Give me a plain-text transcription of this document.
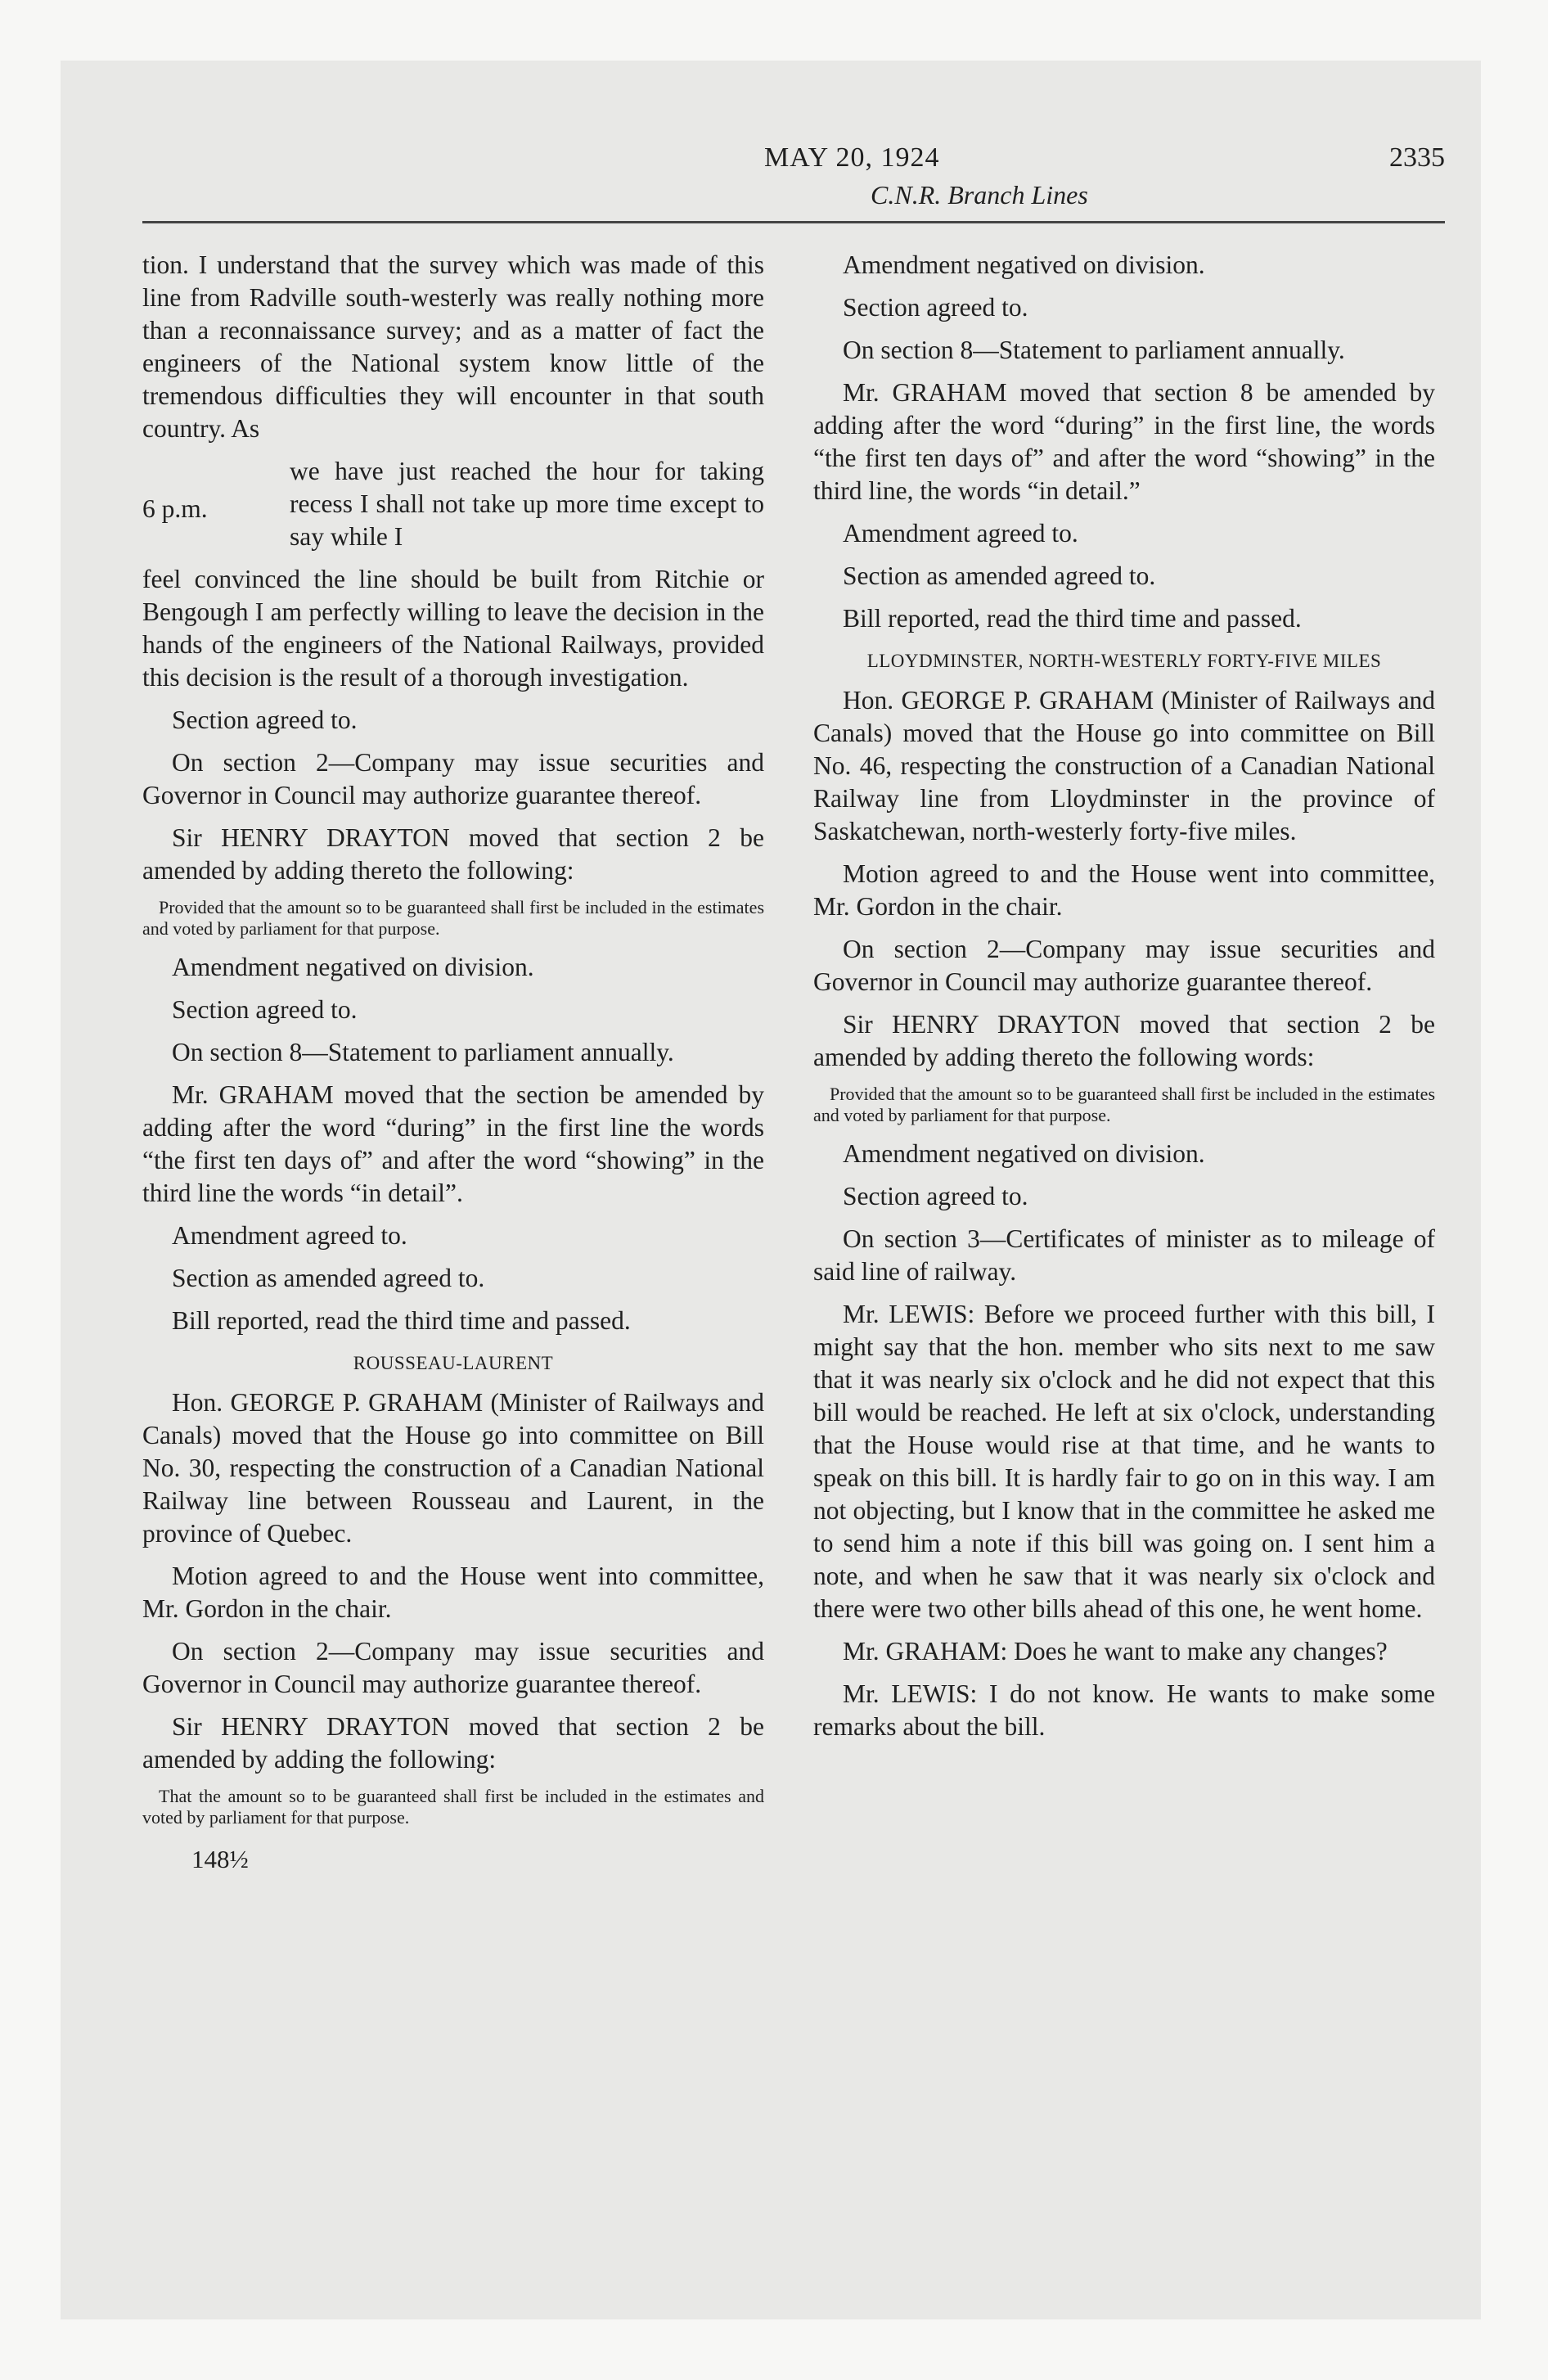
MAY 20, 1924	2335
C.N.R. Branch Lines

tion. I understand that the survey which was made of this line from Radville south-westerly was really nothing more than a reconnaissance survey; and as a matter of fact the engineers of the National system know little of the tremendous difficulties they will encounter in that south country. As

6 p.m.

we have just reached the hour for taking recess I shall not take up more time except to say while I

feel convinced the line should be built from Ritchie or Bengough I am perfectly willing to leave the decision in the hands of the engineers of the National Railways, provided this decision is the result of a thorough investigation.

Section agreed to.

On section 2—Company may issue securities and Governor in Council may authorize guarantee thereof.

Sir HENRY DRAYTON moved that section 2 be amended by adding thereto the following:

Provided that the amount so to be guaranteed shall first be included in the estimates and voted by parliament for that purpose.

Amendment negatived on division.

Section agreed to.

On section 8—Statement to parliament annually.

Mr. GRAHAM moved that the section be amended by adding after the word “during” in the first line the words “the first ten days of” and after the word “showing” in the third line the words “in detail”.

Amendment agreed to.

Section as amended agreed to.

Bill reported, read the third time and passed.

ROUSSEAU-LAURENT

Hon. GEORGE P. GRAHAM (Minister of Railways and Canals) moved that the House go into committee on Bill No. 30, respecting the construction of a Canadian National Railway line between Rousseau and Laurent, in the province of Quebec.

Motion agreed to and the House went into committee, Mr. Gordon in the chair.

On section 2—Company may issue securities and Governor in Council may authorize guarantee thereof.

Sir HENRY DRAYTON moved that section 2 be amended by adding the following:

That the amount so to be guaranteed shall first be included in the estimates and voted by parliament for that purpose.

148½

Amendment negatived on division.

Section agreed to.

On section 8—Statement to parliament annually.

Mr. GRAHAM moved that section 8 be amended by adding after the word “during” in the first line, the words “the first ten days of” and after the word “showing” in the third line, the words “in detail.”

Amendment agreed to.

Section as amended agreed to.

Bill reported, read the third time and passed.

LLOYDMINSTER, NORTH-WESTERLY FORTY-FIVE MILES

Hon. GEORGE P. GRAHAM (Minister of Railways and Canals) moved that the House go into committee on Bill No. 46, respecting the construction of a Canadian National Railway line from Lloydminster in the province of Saskatchewan, north-westerly forty-five miles.

Motion agreed to and the House went into committee, Mr. Gordon in the chair.

On section 2—Company may issue securities and Governor in Council may authorize guarantee thereof.

Sir HENRY DRAYTON moved that section 2 be amended by adding thereto the following words:

Provided that the amount so to be guaranteed shall first be included in the estimates and voted by parliament for that purpose.

Amendment negatived on division.

Section agreed to.

On section 3—Certificates of minister as to mileage of said line of railway.

Mr. LEWIS: Before we proceed further with this bill, I might say that the hon. member who sits next to me saw that it was nearly six o'clock and he did not expect that this bill would be reached. He left at six o'clock, understanding that the House would rise at that time, and he wants to speak on this bill. It is hardly fair to go on in this way. I am not objecting, but I know that in the committee he asked me to send him a note if this bill was going on. I sent him a note, and when he saw that it was nearly six o'clock and there were two other bills ahead of this one, he went home.

Mr. GRAHAM: Does he want to make any changes?

Mr. LEWIS: I do not know. He wants to make some remarks about the bill.
